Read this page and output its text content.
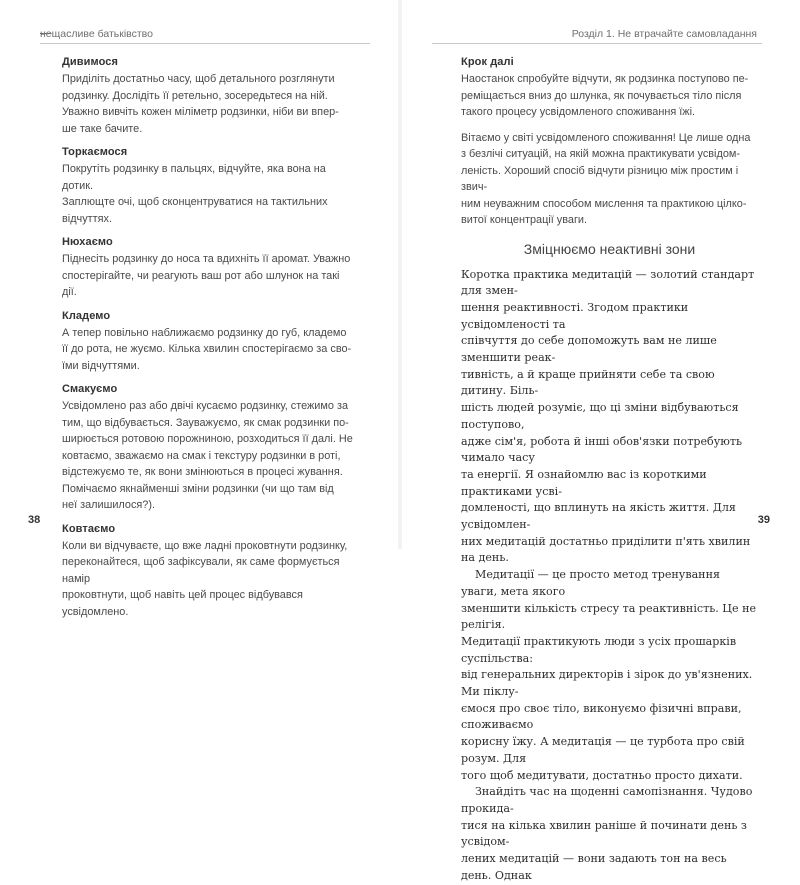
нещасливе батьківство
Дивимося

Приділіть достатньо часу, щоб детального розглянути
родзинку. Дослідіть її ретельно, зосередьтеся на ній.
Уважно вивчіть кожен міліметр родзинки, ніби ви впер-
ше таке бачите.

Торкаємося

Покрутіть родзинку в пальцях, відчуйте, яка вона на дотик.
Заплющте очі, щоб сконцентруватися на тактильних відчуттях.

Нюхаємо

Піднесіть родзинку до носа та вдихніть її аромат. Уважно
спостерігайте, чи реагують ваш рот або шлунок на такі дії.

Кладемо

А тепер повільно наближаємо родзинку до губ, кладемо
її до рота, не жуємо. Кілька хвилин спостерігаємо за сво-
їми відчуттями.

Смакуємо

Усвідомлено раз або двічі кусаємо родзинку, стежимо за
тим, що відбувається. Зауважуємо, як смак родзинки по-
ширюється ротовою порожниною, розходиться її далі. Не
ковтаємо, зважаємо на смак і текстуру родзинки в роті,
відстежуємо те, як вони змінюються в процесі жування.
Помічаємо якнайменші зміни родзинки (чи що там від
неї залишилося?).

Ковтаємо

Коли ви відчуваєте, що вже ладні проковтнути родзинку,
переконайтеся, щоб зафіксували, як саме формується намір
проковтнути, щоб навіть цей процес відбувався усвідомлено.

38
Розділ 1. Не втрачайте самовладання
Крок далі

Наостанок спробуйте відчути, як родзинка поступово пе-
реміщається вниз до шлунка, як почувається тіло після
такого процесу усвідомленого споживання їжі.

Вітаємо у світі усвідомленого споживання! Це лише одна
з безлічі ситуацій, на якій можна практикувати усвідом-
леність. Хороший спосіб відчути різницю між простим і звич-
ним неуважним способом мислення та практикою цілко-
витої концентрації уваги.

Зміцнюємо неактивні зони

Коротка практика медитацій — золотий стандарт для змен-
шення реактивності. Згодом практики усвідомленості та
співчуття до себе допоможуть вам не лише зменшити реак-
тивність, а й краще прийняти себе та свою дитину. Біль-
шість людей розуміє, що ці зміни відбуваються поступово,
адже сім'я, робота й інші обов'язки потребують чимало часу
та енергії. Я ознайомлю вас із короткими практиками усві-
домленості, що вплинуть на якість життя. Для усвідомлен-
них медитацій достатньо приділити п'ять хвилин на день.

Медитації — це просто метод тренування уваги, мета якого
зменшити кількість стресу та реактивність. Це не релігія.
Медитації практикують люди з усіх прошарків суспільства:
від генеральних директорів і зірок до ув'язнених. Ми піклу-
ємося про своє тіло, виконуємо фізичні вправи, споживаємо
корисну їжу. А медитація — це турбота про свій розум. Для
того щоб медитувати, достатньо просто дихати.

Знайдіть час на щоденні самопізнання. Чудово прокида-
тися на кілька хвилин раніше й починати день з усвідом-
лених медитацій — вони задають тон на весь день. Однак

39
